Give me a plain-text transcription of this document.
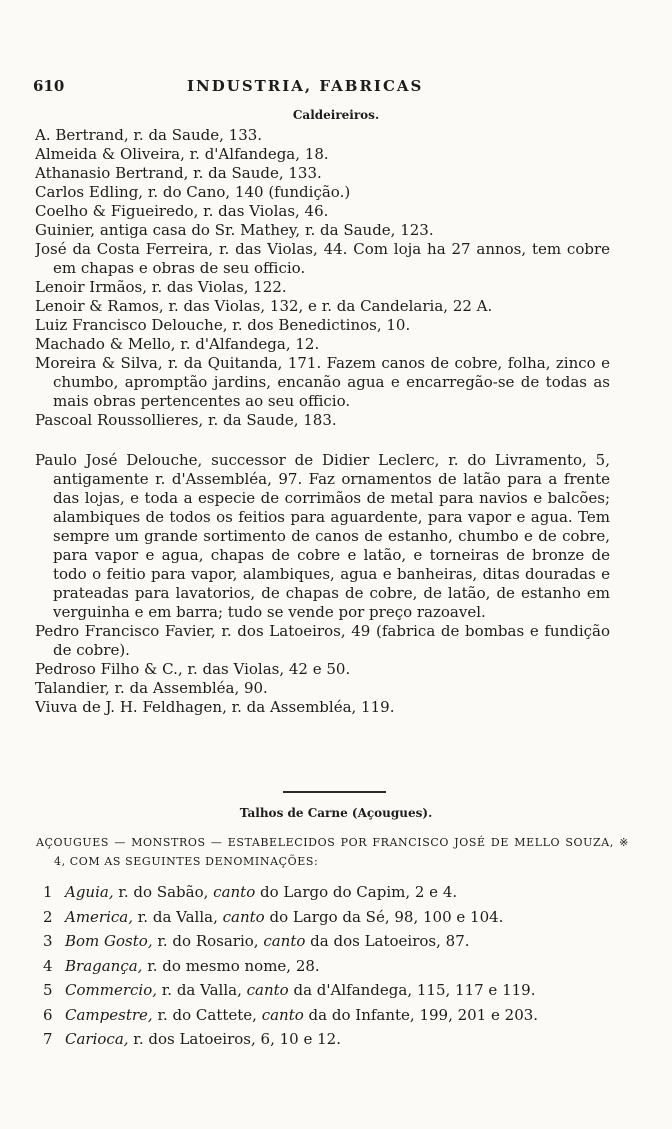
610	INDUSTRIA, FABRICAS
Caldeireiros.
A. Bertrand, r. da Saude, 133.
Almeida & Oliveira, r. d'Alfandega, 18.
Athanasio Bertrand, r. da Saude, 133.
Carlos Edling, r. do Cano, 140 (fundição.)
Coelho & Figueiredo, r. das Violas, 46.
Guinier, antiga casa do Sr. Mathey, r. da Saude, 123.
José da Costa Ferreira, r. das Violas, 44. Com loja ha 27 annos, tem cobre em chapas e obras de seu officio.
Lenoir Irmãos, r. das Violas, 122.
Lenoir & Ramos, r. das Violas, 132, e r. da Candelaria, 22 A.
Luiz Francisco Delouche, r. dos Benedictinos, 10.
Machado & Mello, r. d'Alfandega, 12.
Moreira & Silva, r. da Quitanda, 171. Fazem canos de cobre, folha, zinco e chumbo, apromptão jardins, encanão agua e encarregão-se de todas as mais obras pertencentes ao seu officio.
Pascoal Roussollieres, r. da Saude, 183.
Paulo José Delouche, successor de Didier Leclerc, r. do Livramento, 5, antigamente r. d'Assembléa, 97. Faz ornamentos de latão para a frente das lojas, e toda a especie de corrimãos de metal para navios e balcões; alambiques de todos os feitios para aguardente, para vapor e agua. Tem sempre um grande sortimento de canos de estanho, chumbo e de cobre, para vapor e agua, chapas de cobre e latão, e torneiras de bronze de todo o feitio para vapor, alambiques, agua e banheiras, ditas douradas e prateadas para lavatorios, de chapas de cobre, de latão, de estanho em verguinha e em barra; tudo se vende por preço razoavel.
Pedro Francisco Favier, r. dos Latoeiros, 49 (fabrica de bombas e fundição de cobre).
Pedroso Filho & C., r. das Violas, 42 e 50.
Talandier, r. da Assembléa, 90.
Viuva de J. H. Feldhagen, r. da Assembléa, 119.
Talhos de Carne (Açougues).
AÇOUGUES — MONSTROS — ESTABELECIDOS POR FRANCISCO JOSÉ DE MELLO SOUZA, ※ 4, COM AS SEGUINTES DENOMINAÇÕES:
1 Aguia, r. do Sabão, canto do Largo do Capim, 2 e 4.
2 America, r. da Valla, canto do Largo da Sé, 98, 100 e 104.
3 Bom Gosto, r. do Rosario, canto da dos Latoeiros, 87.
4 Bragança, r. do mesmo nome, 28.
5 Commercio, r. da Valla, canto da d'Alfandega, 115, 117 e 119.
6 Campestre, r. do Cattete, canto da do Infante, 199, 201 e 203.
7 Carioca, r. dos Latoeiros, 6, 10 e 12.
